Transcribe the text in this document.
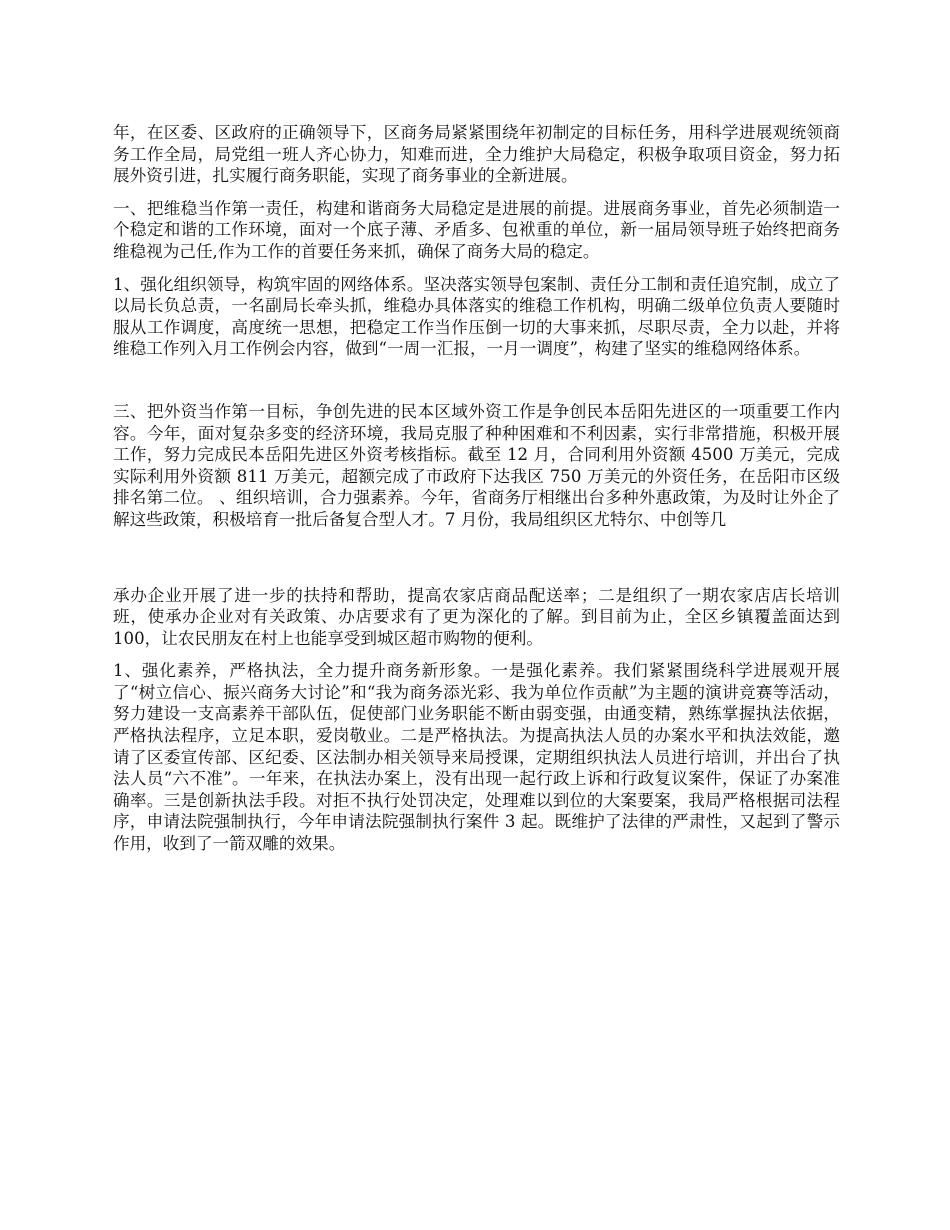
年，在区委、区政府的正确领导下，区商务局紧紧围绕年初制定的目标任务，用科学进展观统领商务工作全局，局党组一班人齐心协力，知难而进，全力维护大局稳定，积极争取项目资金，努力拓展外资引进，扎实履行商务职能，实现了商务事业的全新进展。

一、把维稳当作第一责任，构建和谐商务大局稳定是进展的前提。进展商务事业，首先必须制造一个稳定和谐的工作环境，面对一个底子薄、矛盾多、包袱重的单位，新一届局领导班子始终把商务维稳视为己任,作为工作的首要任务来抓，确保了商务大局的稳定。

1、强化组织领导，构筑牢固的网络体系。坚决落实领导包案制、责任分工制和责任追究制，成立了以局长负总责，一名副局长牵头抓，维稳办具体落实的维稳工作机构，明确二级单位负责人要随时服从工作调度，高度统一思想，把稳定工作当作压倒一切的大事来抓，尽职尽责，全力以赴，并将维稳工作列入月工作例会内容，做到“一周一汇报，一月一调度”，构建了坚实的维稳网络体系。

三、把外资当作第一目标，争创先进的民本区域外资工作是争创民本岳阳先进区的一项重要工作内容。今年，面对复杂多变的经济环境，我局克服了种种困难和不利因素，实行非常措施，积极开展工作，努力完成民本岳阳先进区外资考核指标。截至 12 月，合同利用外资额 4500 万美元，完成实际利用外资额 811 万美元，超额完成了市政府下达我区 750 万美元的外资任务，在岳阳市区级排名第二位。 、组织培训，合力强素养。今年，省商务厅相继出台多种外惠政策，为及时让外企了解这些政策，积极培育一批后备复合型人才。7 月份，我局组织区尤特尔、中创等几

承办企业开展了进一步的扶持和帮助，提高农家店商品配送率；二是组织了一期农家店店长培训班，使承办企业对有关政策、办店要求有了更为深化的了解。到目前为止，全区乡镇覆盖面达到 100，让农民朋友在村上也能享受到城区超市购物的便利。

1、强化素养，严格执法，全力提升商务新形象。一是强化素养。我们紧紧围绕科学进展观开展了“树立信心、振兴商务大讨论”和“我为商务添光彩、我为单位作贡献”为主题的演讲竞赛等活动，努力建设一支高素养干部队伍，促使部门业务职能不断由弱变强，由通变精，熟练掌握执法依据，严格执法程序，立足本职，爱岗敬业。二是严格执法。为提高执法人员的办案水平和执法效能，邀请了区委宣传部、区纪委、区法制办相关领导来局授课，定期组织执法人员进行培训，并出台了执法人员“六不准”。一年来，在执法办案上，没有出现一起行政上诉和行政复议案件，保证了办案准确率。三是创新执法手段。对拒不执行处罚决定，处理难以到位的大案要案，我局严格根据司法程序，申请法院强制执行，今年申请法院强制执行案件 3 起。既维护了法律的严肃性，又起到了警示作用，收到了一箭双雕的效果。
